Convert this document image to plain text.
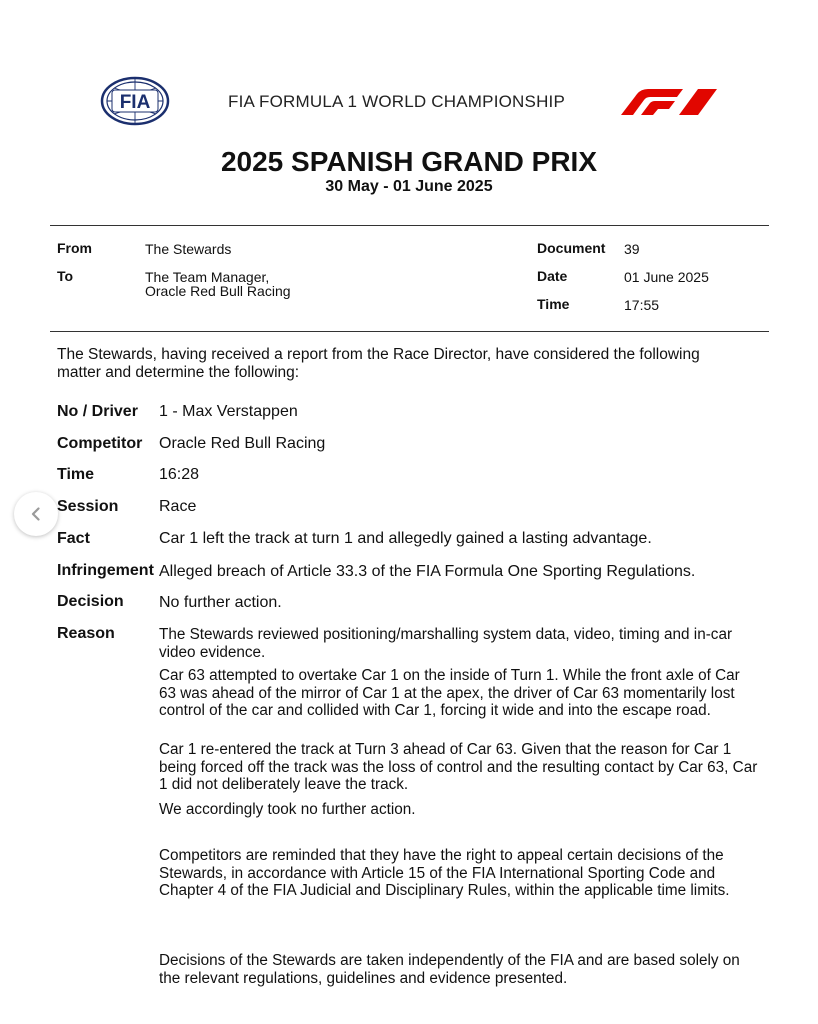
FIA	FIA FORMULA 1 WORLD CHAMPIONSHIP
2025 SPANISH GRAND PRIX
30 May - 01 June 2025
From	The Stewards
To	The Team Manager,
Oracle Red Bull Racing
Document 39
Date	01 June 2025
Time	17:55
The Stewards, having received a report from the Race Director, have considered the following matter and determine the following:
No / Driver 1 - Max Verstappen
Competitor Oracle Red Bull Racing
Time	16:28
Session	Race
Fact	Car 1 left the track at turn 1 and allegedly gained a lasting advantage.
Infringement Alleged breach of Article 33.3 of the FIA Formula One Sporting Regulations.
Decision No further action.
Reason	The Stewards reviewed positioning/marshalling system data, video, timing and in-car video evidence.
Car 63 attempted to overtake Car 1 on the inside of Turn 1. While the front axle of Car 63 was ahead of the mirror of Car 1 at the apex, the driver of Car 63 momentarily lost control of the car and collided with Car 1, forcing it wide and into the escape road.
Car 1 re-entered the track at Turn 3 ahead of Car 63. Given that the reason for Car 1 being forced off the track was the loss of control and the resulting contact by Car 63, Car 1 did not deliberately leave the track.
We accordingly took no further action.
Competitors are reminded that they have the right to appeal certain decisions of the Stewards, in accordance with Article 15 of the FIA International Sporting Code and Chapter 4 of the FIA Judicial and Disciplinary Rules, within the applicable time limits.
Decisions of the Stewards are taken independently of the FIA and are based solely on the relevant regulations, guidelines and evidence presented.
